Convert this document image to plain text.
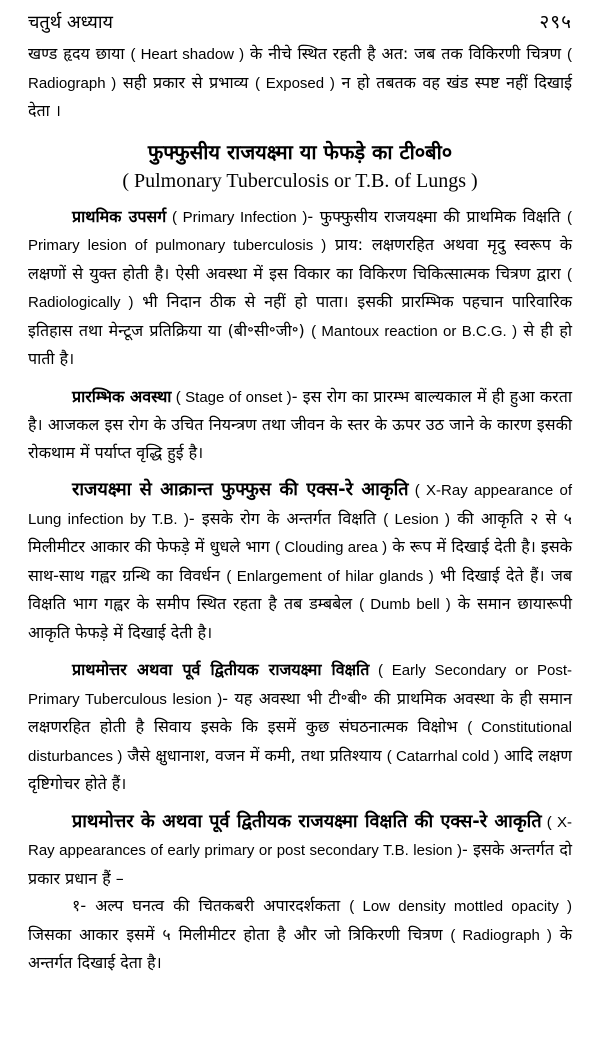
चतुर्थ अध्याय	२९५

खण्ड हृदय छाया ( Heart shadow ) के नीचे स्थित रहती है अत: जब तक विकिरणी चित्रण ( Radiograph ) सही प्रकार से प्रभाव्य ( Exposed ) न हो तबतक वह खंड स्पष्ट नहीं दिखाई देता ।

फुफ्फुसीय राजयक्ष्मा या फेफड़े का टी०बी०
( Pulmonary Tuberculosis or T.B. of Lungs )

प्राथमिक उपसर्ग ( Primary Infection )- फुफ्फुसीय राजयक्ष्मा की प्राथमिक विक्षति ( Primary lesion of pulmonary tuberculosis ) प्राय: लक्षणरहित अथवा मृदु स्वरूप के लक्षणों से युक्त होती है। ऐसी अवस्था में इस विकार का विकिरण चिकित्सात्मक चित्रण द्वारा ( Radiologically ) भी निदान ठीक से नहीं हो पाता। इसकी प्रारम्भिक पहचान पारिवारिक इतिहास तथा मेन्टूज प्रतिक्रिया या (बी॰सी॰जी॰) ( Mantoux reaction or B.C.G. ) से ही हो पाती है।

प्रारम्भिक अवस्था ( Stage of onset )- इस रोग का प्रारम्भ बाल्यकाल में ही हुआ करता है। आजकल इस रोग के उचित नियन्त्रण तथा जीवन के स्तर के ऊपर उठ जाने के कारण इसकी रोकथाम में पर्याप्त वृद्धि हुई है।

राजयक्ष्मा से आक्रान्त फुफ्फुस की एक्स-रे आकृति ( X-Ray appearance of Lung infection by T.B. )- इसके रोग के अन्तर्गत विक्षति ( Lesion ) की आकृति २ से ५ मिलीमीटर आकार की फेफड़े में धुधले भाग ( Clouding area ) के रूप में दिखाई देती है। इसके साथ-साथ गह्वर ग्रन्थि का विवर्धन ( Enlargement of hilar glands ) भी दिखाई देते हैं। जब विक्षति भाग गह्वर के समीप स्थित रहता है तब डम्बबेल ( Dumb bell ) के समान छायारूपी आकृति फेफड़े में दिखाई देती है।

प्राथमोत्तर अथवा पूर्व द्वितीयक राजयक्ष्मा विक्षति ( Early Secondary or Post-Primary Tuberculous lesion )- यह अवस्था भी टी॰बी॰ की प्राथमिक अवस्था के ही समान लक्षणरहित होती है सिवाय इसके कि इसमें कुछ संघठनात्मक विक्षोभ ( Constitutional disturbances ) जैसे क्षुधानाश, वजन में कमी, तथा प्रतिश्याय ( Catarrhal cold ) आदि लक्षण दृष्टिगोचर होते हैं।

प्राथमोत्तर के अथवा पूर्व द्वितीयक राजयक्ष्मा विक्षति की एक्स-रे आकृति ( X-Ray appearances of early primary or post secondary T.B. lesion )- इसके अन्तर्गत दो प्रकार प्रधान हैं –

१- अल्प घनत्व की चितकबरी अपारदर्शकता ( Low density mottled opacity ) जिसका आकार इसमें ५ मिलीमीटर होता है और जो त्रिकिरणी चित्रण ( Radiograph ) के अन्तर्गत दिखाई देता है।
